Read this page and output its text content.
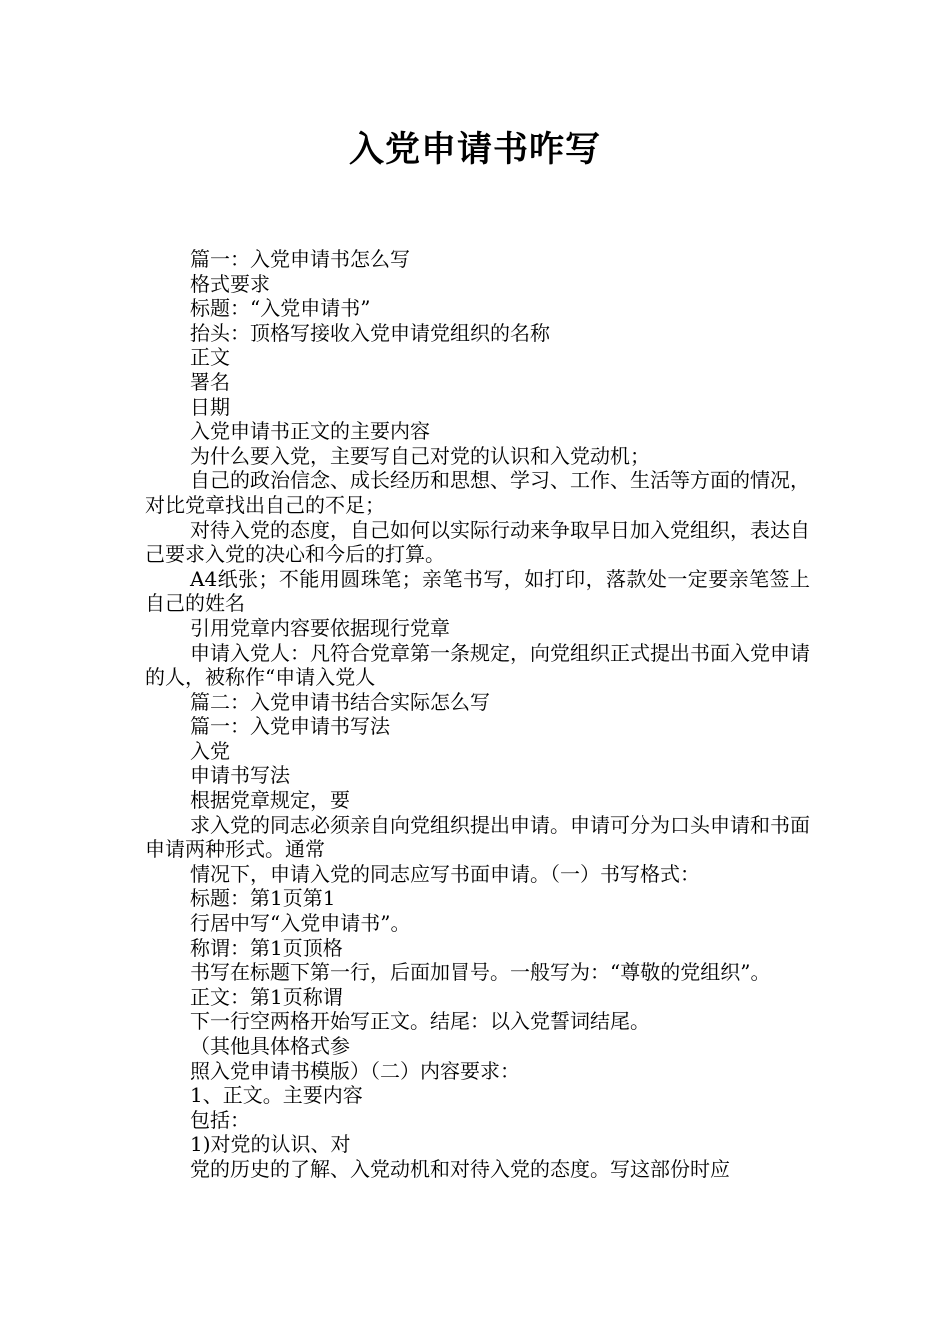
入党申请书咋写

篇一：入党申请书怎么写

格式要求

标题：“入党申请书”

抬头：顶格写接收入党申请党组织的名称

正文

署名

日期

入党申请书正文的主要内容

为什么要入党，主要写自己对党的认识和入党动机；

自己的政治信念、成长经历和思想、学习、工作、生活等方面的情况，对比党章找出自己的不足；

对待入党的态度，自己如何以实际行动来争取早日加入党组织，表达自己要求入党的决心和今后的打算。

A4纸张；不能用圆珠笔；亲笔书写，如打印，落款处一定要亲笔签上自己的姓名

引用党章内容要依据现行党章

申请入党人：凡符合党章第一条规定，向党组织正式提出书面入党申请的人，被称作“申请入党人

篇二：入党申请书结合实际怎么写

篇一：入党申请书写法

入党

申请书写法

根据党章规定，要

求入党的同志必须亲自向党组织提出申请。申请可分为口头申请和书面申请两种形式。通常

情况下，申请入党的同志应写书面申请。（一）书写格式：

标题：第1页第1

行居中写“入党申请书”。

称谓：第1页顶格

书写在标题下第一行，后面加冒号。一般写为：“尊敬的党组织”。

正文：第1页称谓

下一行空两格开始写正文。结尾：以入党誓词结尾。

（其他具体格式参

照入党申请书模版）（二）内容要求：

1、正文。主要内容

包括：

1)对党的认识、对

党的历史的了解、入党动机和对待入党的态度。写这部份时应
